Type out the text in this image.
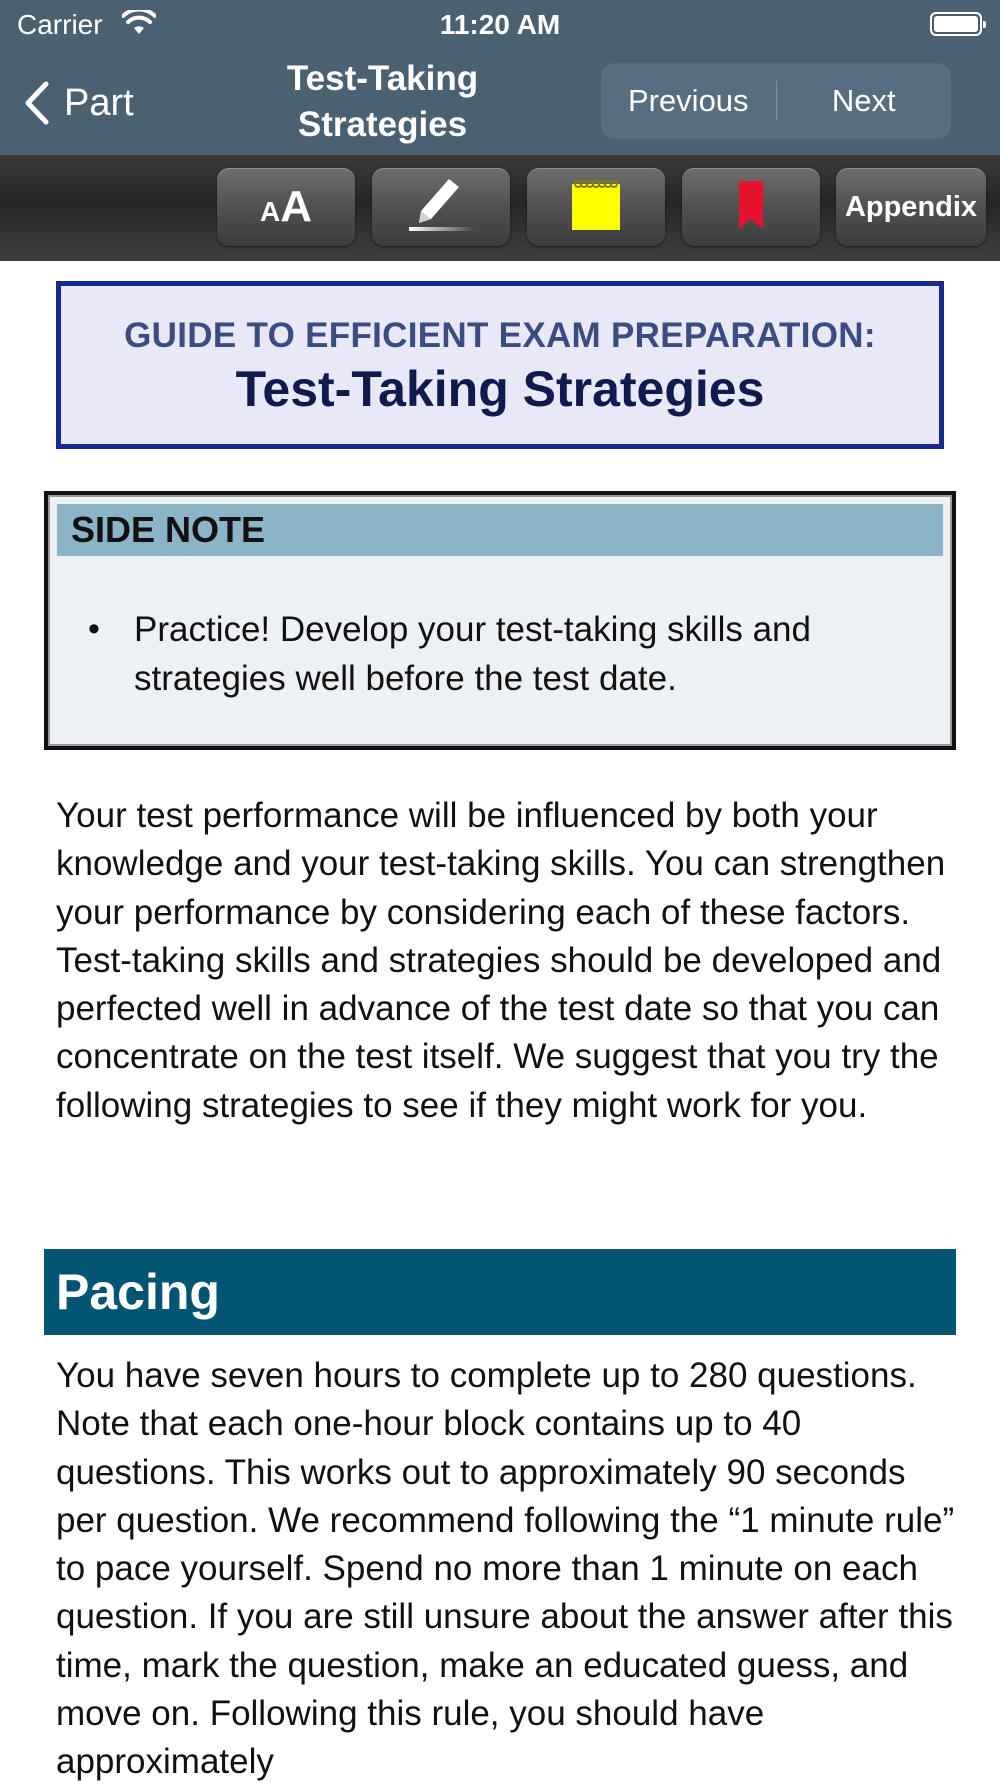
Carrier	11:20 AM
Part
Test-Taking Strategies
Previous	Next
AA	Appendix
GUIDE TO EFFICIENT EXAM PREPARATION:
Test-Taking Strategies
SIDE NOTE
• Practice! Develop your test-taking skills and strategies well before the test date.

Your test performance will be influenced by both your knowledge and your test-taking skills. You can strengthen your performance by considering each of these factors. Test-taking skills and strategies should be developed and perfected well in advance of the test date so that you can concentrate on the test itself. We suggest that you try the following strategies to see if they might work for you.

Pacing

You have seven hours to complete up to 280 questions. Note that each one-hour block contains up to 40 questions. This works out to approximately 90 seconds per question. We recommend following the “1 minute rule” to pace yourself. Spend no more than 1 minute on each question. If you are still unsure about the answer after this time, mark the question, make an educated guess, and move on. Following this rule, you should have approximately
